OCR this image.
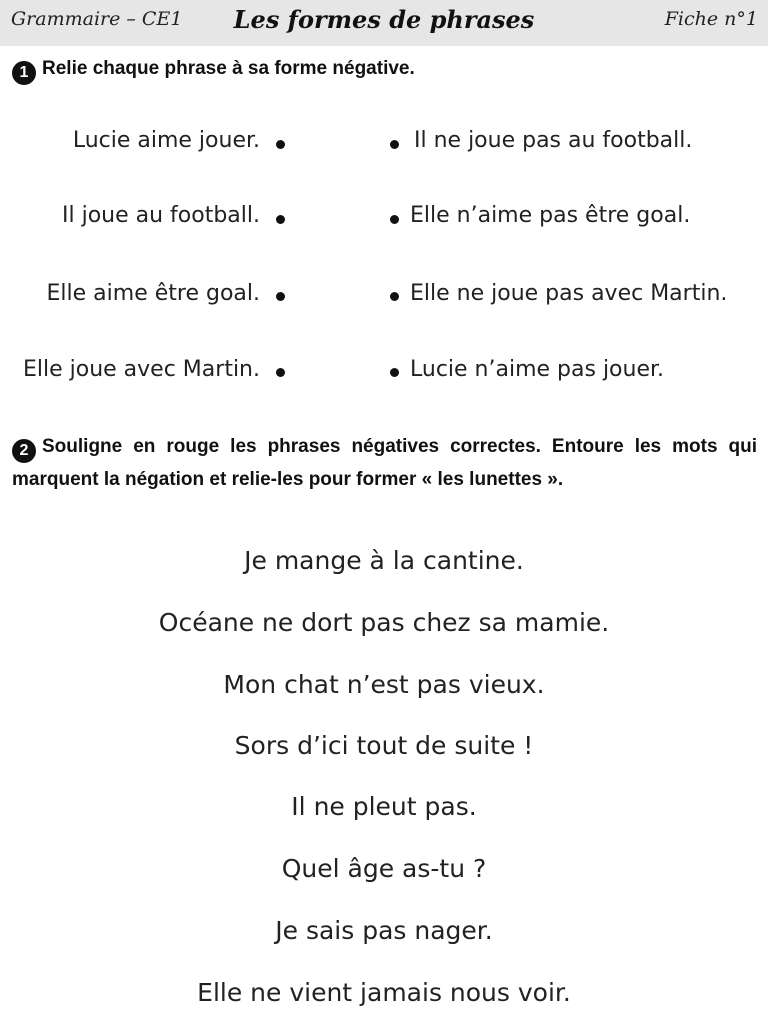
Grammaire – CE1	Les formes de phrases	Fiche n°1
1 Relie chaque phrase à sa forme négative.
Lucie aime jouer.
Il joue au football.
Elle aime être goal.
Elle joue avec Martin.
Il ne joue pas au football.
Elle n’aime pas être goal.
Elle ne joue pas avec Martin.
Lucie n’aime pas jouer.
2 Souligne en rouge les phrases négatives correctes. Entoure les mots qui marquent la négation et relie-les pour former « les lunettes ».
Je mange à la cantine.
Océane ne dort pas chez sa mamie.
Mon chat n’est pas vieux.
Sors d’ici tout de suite !
Il ne pleut pas.
Quel âge as-tu ?
Je sais pas nager.
Elle ne vient jamais nous voir.
